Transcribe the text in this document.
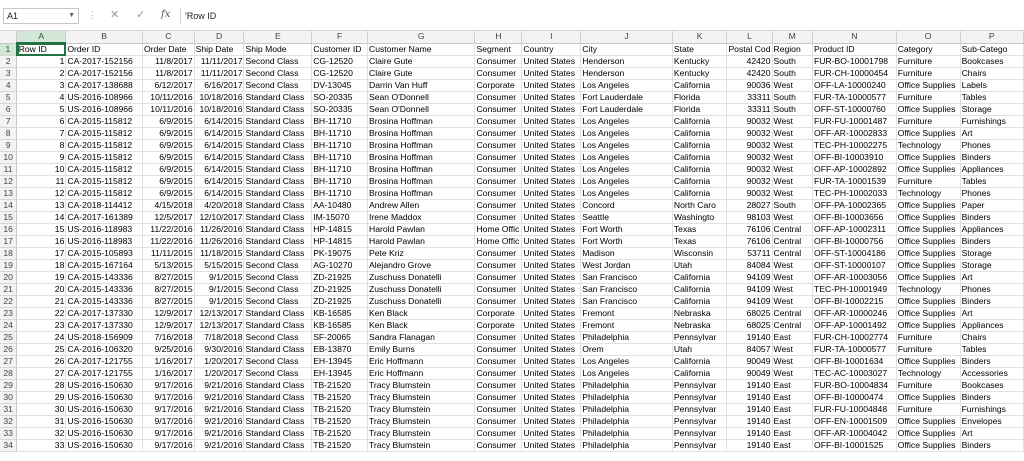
A1	▼ ⋮ ✕ ✓ fx	'Row ID
	A	B	C	D	E	F	G	H	I	J	K	L	M	N	O	P
1	Row ID	Order ID	Order Date	Ship Date	Ship Mode	Customer ID	Customer Name	Segment	Country	City	State	Postal Cod	Region	Product ID	Category	Sub-Catego
2	1	CA-2017-152156	11/8/2017	11/11/2017	Second Class	CG-12520	Claire Gute	Consumer	United States	Henderson	Kentucky	42420	South	FUR-BO-10001798	Furniture	Bookcases
3	2	CA-2017-152156	11/8/2017	11/11/2017	Second Class	CG-12520	Claire Gute	Consumer	United States	Henderson	Kentucky	42420	South	FUR-CH-10000454	Furniture	Chairs
4	3	CA-2017-138688	6/12/2017	6/16/2017	Second Class	DV-13045	Darrin Van Huff	Corporate	United States	Los Angeles	California	90036	West	OFF-LA-10000240	Office Supplies	Labels
5	4	US-2016-108966	10/11/2016	10/18/2016	Standard Class	SO-20335	Sean O'Donnell	Consumer	United States	Fort Lauderdale	Florida	33311	South	FUR-TA-10000577	Furniture	Tables
6	5	US-2016-108966	10/11/2016	10/18/2016	Standard Class	SO-20335	Sean O'Donnell	Consumer	United States	Fort Lauderdale	Florida	33311	South	OFF-ST-10000760	Office Supplies	Storage
7	6	CA-2015-115812	6/9/2015	6/14/2015	Standard Class	BH-11710	Brosina Hoffman	Consumer	United States	Los Angeles	California	90032	West	FUR-FU-10001487	Furniture	Furnishings
8	7	CA-2015-115812	6/9/2015	6/14/2015	Standard Class	BH-11710	Brosina Hoffman	Consumer	United States	Los Angeles	California	90032	West	OFF-AR-10002833	Office Supplies	Art
9	8	CA-2015-115812	6/9/2015	6/14/2015	Standard Class	BH-11710	Brosina Hoffman	Consumer	United States	Los Angeles	California	90032	West	TEC-PH-10002275	Technology	Phones
10	9	CA-2015-115812	6/9/2015	6/14/2015	Standard Class	BH-11710	Brosina Hoffman	Consumer	United States	Los Angeles	California	90032	West	OFF-BI-10003910	Office Supplies	Binders
11	10	CA-2015-115812	6/9/2015	6/14/2015	Standard Class	BH-11710	Brosina Hoffman	Consumer	United States	Los Angeles	California	90032	West	OFF-AP-10002892	Office Supplies	Appliances
12	11	CA-2015-115812	6/9/2015	6/14/2015	Standard Class	BH-11710	Brosina Hoffman	Consumer	United States	Los Angeles	California	90032	West	FUR-TA-10001539	Furniture	Tables
13	12	CA-2015-115812	6/9/2015	6/14/2015	Standard Class	BH-11710	Brosina Hoffman	Consumer	United States	Los Angeles	California	90032	West	TEC-PH-10002033	Technology	Phones
14	13	CA-2018-114412	4/15/2018	4/20/2018	Standard Class	AA-10480	Andrew Allen	Consumer	United States	Concord	North Caro	28027	South	OFF-PA-10002365	Office Supplies	Paper
15	14	CA-2017-161389	12/5/2017	12/10/2017	Standard Class	IM-15070	Irene Maddox	Consumer	United States	Seattle	Washingto	98103	West	OFF-BI-10003656	Office Supplies	Binders
16	15	US-2016-118983	11/22/2016	11/26/2016	Standard Class	HP-14815	Harold Pawlan	Home Offic	United States	Fort Worth	Texas	76106	Central	OFF-AP-10002311	Office Supplies	Appliances
17	16	US-2016-118983	11/22/2016	11/26/2016	Standard Class	HP-14815	Harold Pawlan	Home Offic	United States	Fort Worth	Texas	76106	Central	OFF-BI-10000756	Office Supplies	Binders
18	17	CA-2015-105893	11/11/2015	11/18/2015	Standard Class	PK-19075	Pete Kriz	Consumer	United States	Madison	Wisconsin	53711	Central	OFF-ST-10004186	Office Supplies	Storage
19	18	CA-2015-167164	5/13/2015	5/15/2015	Second Class	AG-10270	Alejandro Grove	Consumer	United States	West Jordan	Utah	84084	West	OFF-ST-10000107	Office Supplies	Storage
20	19	CA-2015-143336	8/27/2015	9/1/2015	Second Class	ZD-21925	Zuschuss Donatelli	Consumer	United States	San Francisco	California	94109	West	OFF-AR-10003056	Office Supplies	Art
21	20	CA-2015-143336	8/27/2015	9/1/2015	Second Class	ZD-21925	Zuschuss Donatelli	Consumer	United States	San Francisco	California	94109	West	TEC-PH-10001949	Technology	Phones
22	21	CA-2015-143336	8/27/2015	9/1/2015	Second Class	ZD-21925	Zuschuss Donatelli	Consumer	United States	San Francisco	California	94109	West	OFF-BI-10002215	Office Supplies	Binders
23	22	CA-2017-137330	12/9/2017	12/13/2017	Standard Class	KB-16585	Ken Black	Corporate	United States	Fremont	Nebraska	68025	Central	OFF-AR-10000246	Office Supplies	Art
24	23	CA-2017-137330	12/9/2017	12/13/2017	Standard Class	KB-16585	Ken Black	Corporate	United States	Fremont	Nebraska	68025	Central	OFF-AP-10001492	Office Supplies	Appliances
25	24	US-2018-156909	7/16/2018	7/18/2018	Second Class	SF-20065	Sandra Flanagan	Consumer	United States	Philadelphia	Pennsylvar	19140	East	FUR-CH-10002774	Furniture	Chairs
26	25	CA-2016-106320	9/25/2016	9/30/2016	Standard Class	EB-13870	Emily Burns	Consumer	United States	Orem	Utah	84057	West	FUR-TA-10000577	Furniture	Tables
27	26	CA-2017-121755	1/16/2017	1/20/2017	Second Class	EH-13945	Eric Hoffmann	Consumer	United States	Los Angeles	California	90049	West	OFF-BI-10001634	Office Supplies	Binders
28	27	CA-2017-121755	1/16/2017	1/20/2017	Second Class	EH-13945	Eric Hoffmann	Consumer	United States	Los Angeles	California	90049	West	TEC-AC-10003027	Technology	Accessories
29	28	US-2016-150630	9/17/2016	9/21/2016	Standard Class	TB-21520	Tracy Blumstein	Consumer	United States	Philadelphia	Pennsylvar	19140	East	FUR-BO-10004834	Furniture	Bookcases
30	29	US-2016-150630	9/17/2016	9/21/2016	Standard Class	TB-21520	Tracy Blumstein	Consumer	United States	Philadelphia	Pennsylvar	19140	East	OFF-BI-10000474	Office Supplies	Binders
31	30	US-2016-150630	9/17/2016	9/21/2016	Standard Class	TB-21520	Tracy Blumstein	Consumer	United States	Philadelphia	Pennsylvar	19140	East	FUR-FU-10004848	Furniture	Furnishings
32	31	US-2016-150630	9/17/2016	9/21/2016	Standard Class	TB-21520	Tracy Blumstein	Consumer	United States	Philadelphia	Pennsylvar	19140	East	OFF-EN-10001509	Office Supplies	Envelopes
33	32	US-2016-150630	9/17/2016	9/21/2016	Standard Class	TB-21520	Tracy Blumstein	Consumer	United States	Philadelphia	Pennsylvar	19140	East	OFF-AR-10004042	Office Supplies	Art
34	33	US-2016-150630	9/17/2016	9/21/2016	Standard Class	TB-21520	Tracy Blumstein	Consumer	United States	Philadelphia	Pennsylvar	19140	East	OFF-BI-10001525	Office Supplies	Binders
